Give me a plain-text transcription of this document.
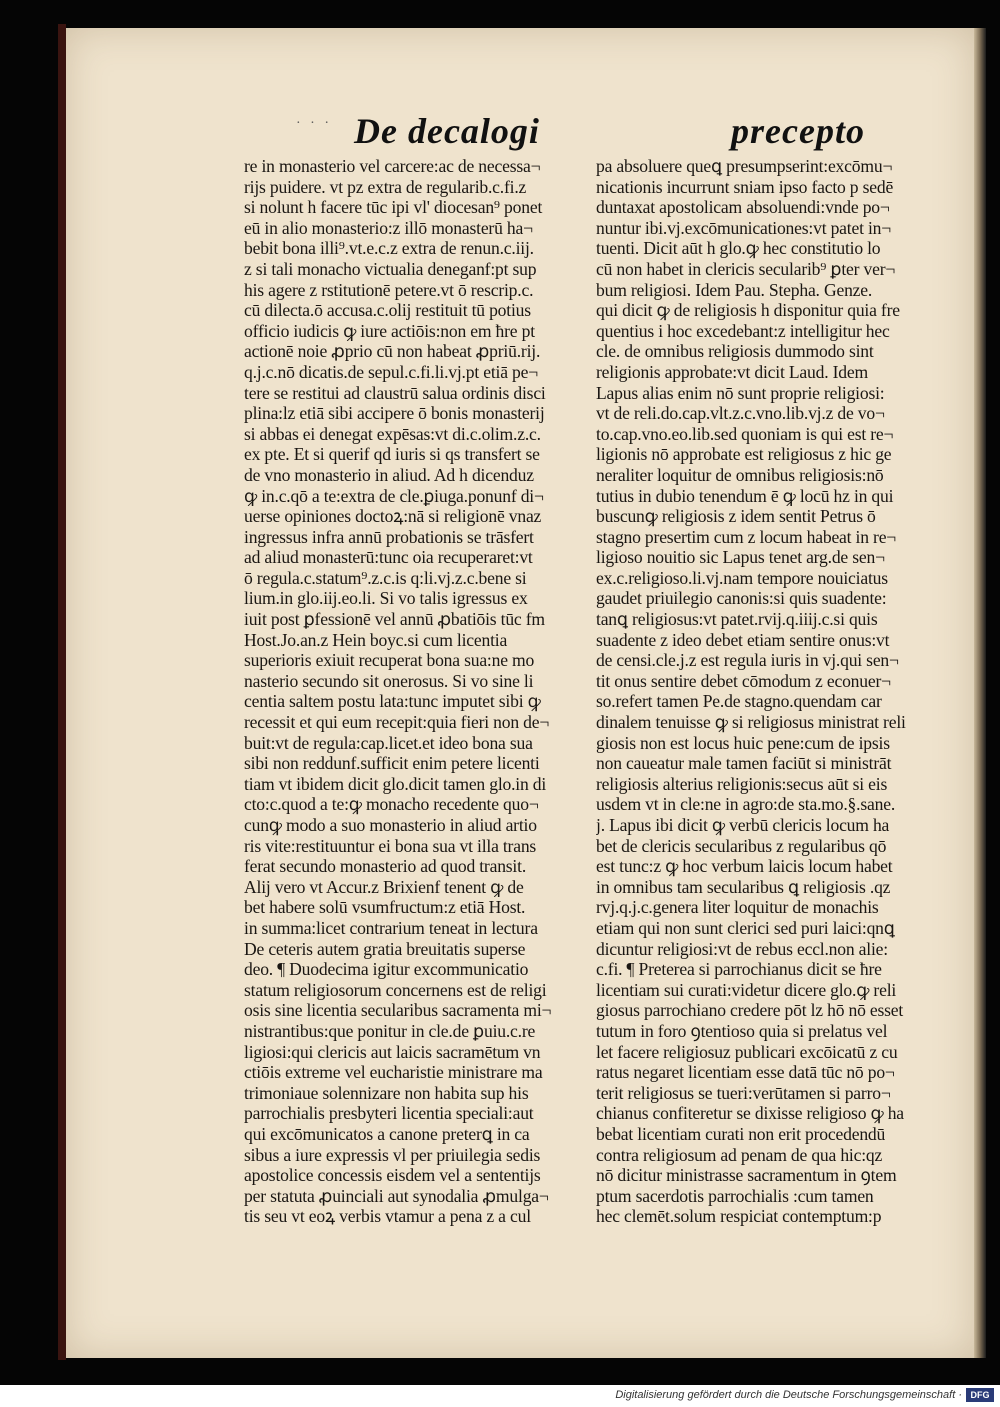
· · · De decalogi	precepto
re in monasterio vel carcere:ac de necessa¬
rijs puidere. vt pz extra de regularib.c.fi.z
si nolunt h facere tūc ipi vl' diocesan⁹ ponet
eū in alio monasterio:z illō monasterū ha¬
bebit bona illi⁹.vt.e.c.z extra de renun.c.iij.
z si tali monacho victualia deneganf:pt sup
his agere z rstitutionē petere.vt ō rescrip.c.
cū dilecta.ō accusa.c.olij restituit tū potius
officio iudicis ꝙ iure actiōis:non em ħre pt
actionē noie ꝓprio cū non habeat ꝓpriū.rij.
q.j.c.nō dicatis.de sepul.c.fi.li.vj.pt etiā pe¬
tere se restitui ad claustrū salua ordinis disci
plina:lz etiā sibi accipere ō bonis monasterij
si abbas ei denegat expēsas:vt di.c.olim.z.c.
ex pte. Et si querif qd iuris si qs transfert se
de vno monasterio in aliud. Ad h dicenduz
ꝙ in.c.qō a te:extra de cle.ꝑiuga.ponunf di¬
uerse opiniones doctoꝝ:nā si religionē vnaz
ingressus infra annū probationis se trāsfert
ad aliud monasterū:tunc oia recuperaret:vt
ō regula.c.statum⁹.z.c.is q:li.vj.z.c.bene si
lium.in glo.iij.eo.li. Si vo talis igressus ex
iuit post ꝑfessionē vel annū ꝓbatiōis tūc fm
Host.Jo.an.z Hein boyc.si cum licentia
superioris exiuit recuperat bona sua:ne mo
nasterio secundo sit onerosus. Si vo sine li
centia saltem postu lata:tunc imputet sibi ꝙ
recessit et qui eum recepit:quia fieri non de¬
buit:vt de regula:cap.licet.et ideo bona sua
sibi non reddunf.sufficit enim petere licenti
tiam vt ibidem dicit glo.dicit tamen glo.in di
cto:c.quod a te:ꝙ monacho recedente quo¬
cunꝙ modo a suo monasterio in aliud artio
ris vite:restituuntur ei bona sua vt illa trans
ferat secundo monasterio ad quod transit.
Alij vero vt Accur.z Brixienf tenent ꝙ de
bet habere solū vsumfructum:z etiā Host.
in summa:licet contrarium teneat in lectura
De ceteris autem gratia breuitatis superse
deo. ¶ Duodecima igitur excommunicatio
statum religiosorum concernens est de religi
osis sine licentia secularibus sacramenta mi¬
nistrantibus:que ponitur in cle.de ꝑuiu.c.re
ligiosi:qui clericis aut laicis sacramētum vn
ctiōis extreme vel eucharistie ministrare ma
trimoniaue solennizare non habita sup his
parrochialis presbyteri licentia speciali:aut
qui excōmunicatos a canone preterꝗ in ca
sibus a iure expressis vl per priuilegia sedis
apostolice concessis eisdem vel a sententijs
per statuta ꝓuinciali aut synodalia ꝓmulga¬
tis seu vt eoꝝ verbis vtamur a pena z a cul
pa absoluere queꝗ presumpserint:excōmu¬
nicationis incurrunt sniam ipso facto p sedē
duntaxat apostolicam absoluendi:vnde po¬
nuntur ibi.vj.excōmunicationes:vt patet in¬
tuenti. Dicit aūt h glo.ꝙ hec constitutio lo
cū non habet in clericis secularib⁹ ꝑter ver¬
bum religiosi. Idem Pau. Stepha. Genze.
qui dicit ꝙ de religiosis h disponitur quia fre
quentius i hoc excedebant:z intelligitur hec
cle. de omnibus religiosis dummodo sint
religionis approbate:vt dicit Laud. Idem
Lapus alias enim nō sunt proprie religiosi:
vt de reli.do.cap.vlt.z.c.vno.lib.vj.z de vo¬
to.cap.vno.eo.lib.sed quoniam is qui est re¬
ligionis nō approbate est religiosus z hic ge
neraliter loquitur de omnibus religiosis:nō
tutius in dubio tenendum ē ꝙ locū hz in qui
buscunꝙ religiosis z idem sentit Petrus ō
stagno presertim cum z locum habeat in re¬
ligioso nouitio sic Lapus tenet arg.de sen¬
ex.c.religioso.li.vj.nam tempore nouiciatus
gaudet priuilegio canonis:si quis suadente:
tanꝗ religiosus:vt patet.rvij.q.iiij.c.si quis
suadente z ideo debet etiam sentire onus:vt
de censi.cle.j.z est regula iuris in vj.qui sen¬
tit onus sentire debet cōmodum z econuer¬
so.refert tamen Pe.de stagno.quendam car
dinalem tenuisse ꝙ si religiosus ministrat reli
giosis non est locus huic pene:cum de ipsis
non caueatur male tamen faciūt si ministrāt
religiosis alterius religionis:secus aūt si eis
usdem vt in cle:ne in agro:de sta.mo.§.sane.
j. Lapus ibi dicit ꝙ verbū clericis locum ha
bet de clericis secularibus z regularibus qō
est tunc:z ꝙ hoc verbum laicis locum habet
in omnibus tam secularibus ꝗ religiosis .qz
rvj.q.j.c.genera liter loquitur de monachis
etiam qui non sunt clerici sed puri laici:qnꝗ
dicuntur religiosi:vt de rebus eccl.non alie:
c.fi. ¶ Preterea si parrochianus dicit se ħre
licentiam sui curati:videtur dicere glo.ꝙ reli
giosus parrochiano credere pōt lz hō nō esset
tutum in foro ꝯtentioso quia si prelatus vel
let facere religiosuz publicari excōicatū z cu
ratus negaret licentiam esse datā tūc nō po¬
terit religiosus se tueri:verūtamen si parro¬
chianus confiteretur se dixisse religioso ꝙ ha
bebat licentiam curati non erit procedendū
contra religiosum ad penam de qua hic:qz
nō dicitur ministrasse sacramentum in ꝯtem
ptum sacerdotis parrochialis :cum tamen
hec clemēt.solum respiciat contemptum:p
Digitalisierung gefördert durch die Deutsche Forschungsgemeinschaft · DFG
